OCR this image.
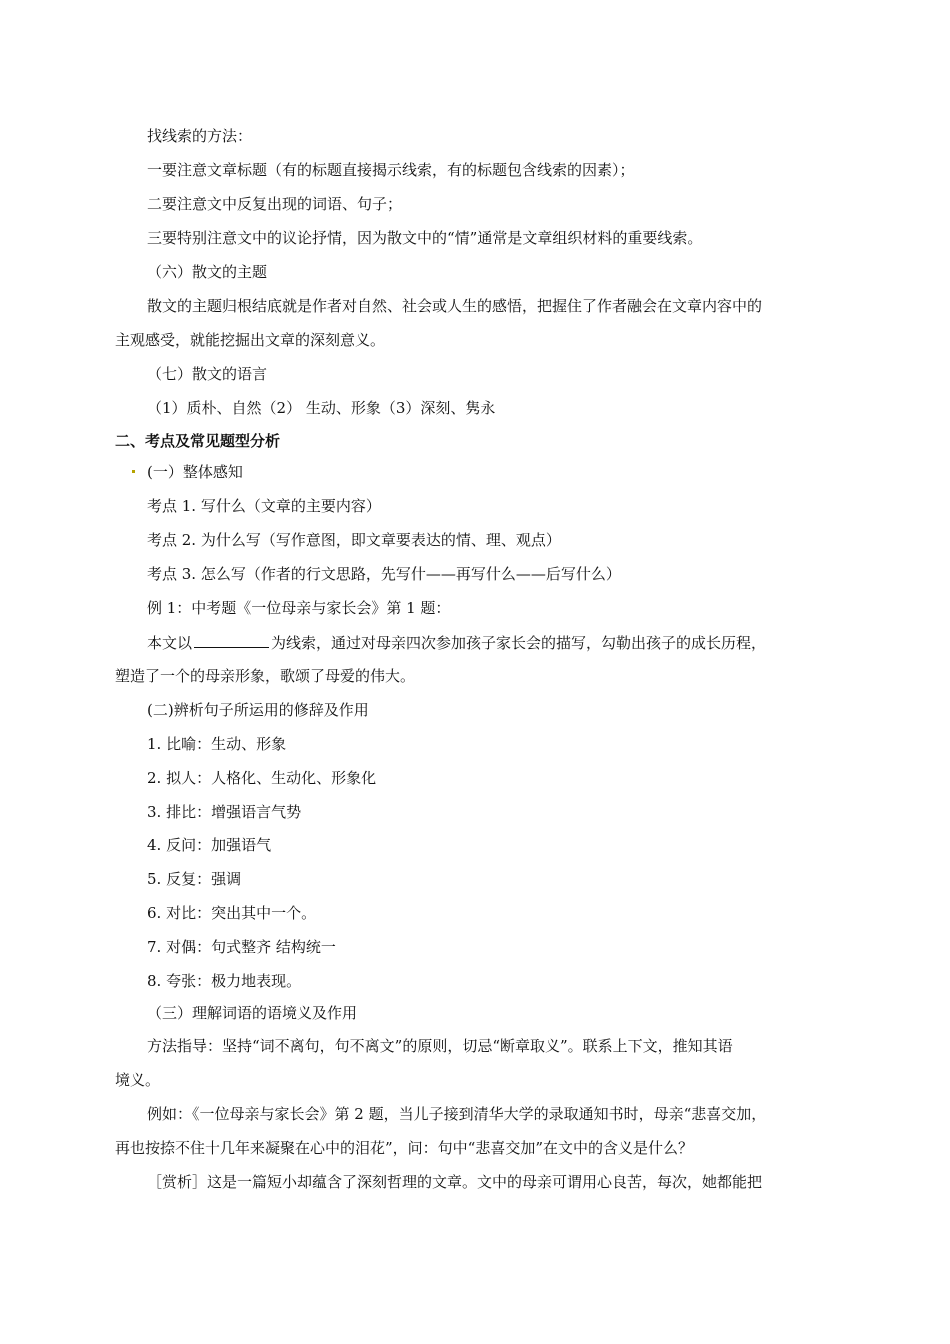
找线索的方法：
一要注意文章标题（有的标题直接揭示线索，有的标题包含线索的因素）；
二要注意文中反复出现的词语、句子；
三要特别注意文中的议论抒情，因为散文中的“情”通常是文章组织材料的重要线索。
（六）散文的主题
散文的主题归根结底就是作者对自然、社会或人生的感悟，把握住了作者融会在文章内容中的
主观感受，就能挖掘出文章的深刻意义。
（七）散文的语言
（1）质朴、自然（2） 生动、形象（3）深刻、隽永
二、考点及常见题型分析
(一）整体感知
考点 1. 写什么（文章的主要内容）
考点 2. 为什么写（写作意图，即文章要表达的情、理、观点）
考点 3. 怎么写（作者的行文思路，先写什——再写什么——后写什么）
例 1：中考题《一位母亲与家长会》第 1 题：
本文以	为线索，通过对母亲四次参加孩子家长会的描写，勾勒出孩子的成长历程，
塑造了一个的母亲形象，歌颂了母爱的伟大。
(二)辨析句子所运用的修辞及作用
1. 比喻：生动、形象
2. 拟人：人格化、生动化、形象化
3. 排比：增强语言气势
4. 反问：加强语气
5. 反复：强调
6. 对比：突出其中一个。
7. 对偶：句式整齐 结构统一
8. 夸张：极力地表现。
（三）理解词语的语境义及作用
方法指导：坚持“词不离句，句不离文”的原则，切忌“断章取义”。联系上下文，推知其语
境义。
例如：《一位母亲与家长会》第 2 题，当儿子接到清华大学的录取通知书时，母亲“悲喜交加，
再也按捺不住十几年来凝聚在心中的泪花”，问：句中“悲喜交加”在文中的含义是什么？
［赏析］这是一篇短小却蕴含了深刻哲理的文章。文中的母亲可谓用心良苦，每次，她都能把
